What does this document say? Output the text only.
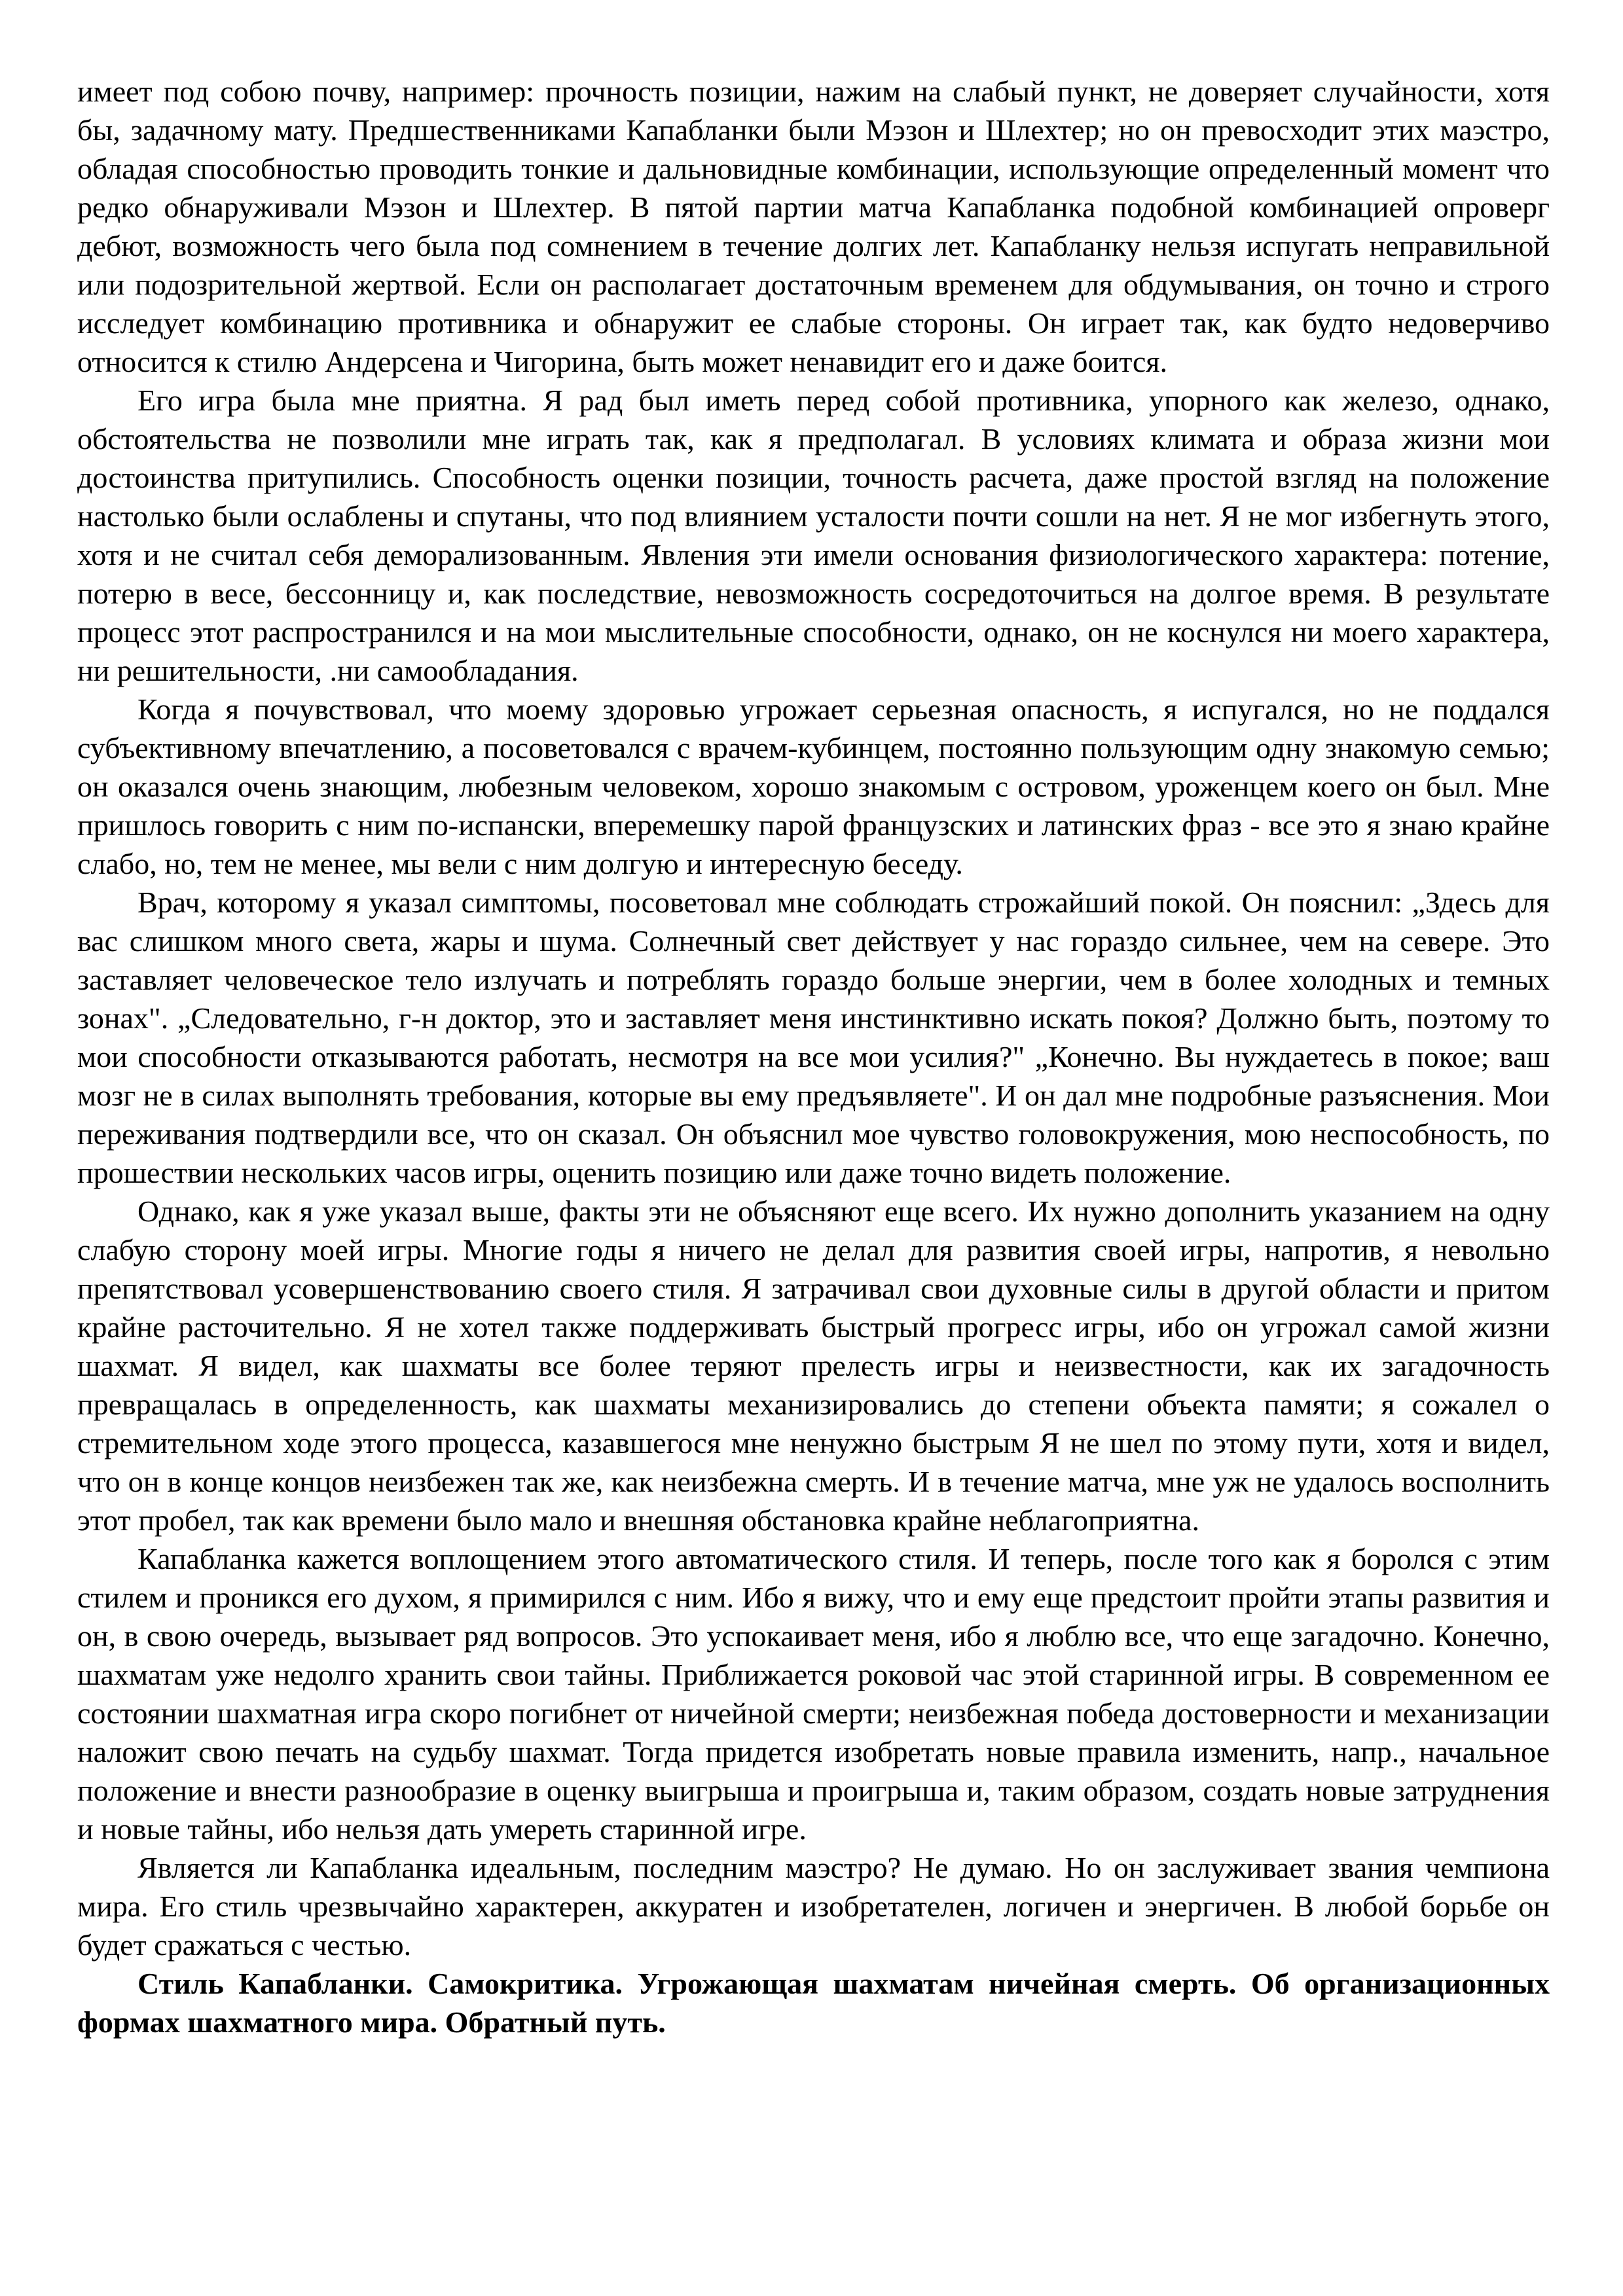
имеет под собою почву, например: прочность позиции, нажим на слабый пункт, не доверяет случайности, хотя бы, задачному мату. Предшественниками Капабланки были Мэзон и Шлехтер; но он превосходит этих маэстро, обладая способностью проводить тонкие и дальновидные комбинации, использующие определенный момент что редко обнаруживали Мэзон и Шлехтер. В пятой партии матча Капабланка подобной комбинацией опроверг дебют, возможность чего была под сомнением в течение долгих лет. Капабланку нельзя испугать неправильной или подозрительной жертвой. Если он располагает достаточным временем для обдумывания, он точно и строго исследует комбинацию противника и обнаружит ее слабые стороны. Он играет так, как будто недоверчиво относится к стилю Андерсена и Чигорина, быть может ненавидит его и даже боится.

Его игра была мне приятна. Я рад был иметь перед собой противника, упорного как железо, однако, обстоятельства не позволили мне играть так, как я предполагал. В условиях климата и образа жизни мои достоинства притупились. Способность оценки позиции, точность расчета, даже простой взгляд на положение настолько были ослаблены и спутаны, что под влиянием усталости почти сошли на нет. Я не мог избегнуть этого, хотя и не считал себя деморализованным. Явления эти имели основания физиологического характера: потение, потерю в весе, бессонницу и, как последствие, невозможность сосредоточиться на долгое время. В результате процесс этот распространился и на мои мыслительные способности, однако, он не коснулся ни моего характера, ни решительности, .ни самообладания.

Когда я почувствовал, что моему здоровью угрожает серьезная опасность, я испугался, но не поддался субъективному впечатлению, а посоветовался с врачем-кубинцем, постоянно пользующим одну знакомую семью; он оказался очень знающим, любезным человеком, хорошо знакомым с островом, уроженцем коего он был. Мне пришлось говорить с ним по-испански, вперемешку парой французских и латинских фраз - все это я знаю крайне слабо, но, тем не менее, мы вели с ним долгую и интересную беседу.

Врач, которому я указал симптомы, посоветовал мне соблюдать строжайший покой. Он пояснил: „Здесь для вас слишком много света, жары и шума. Солнечный свет действует у нас гораздо сильнее, чем на севере. Это заставляет человеческое тело излучать и потреблять гораздо больше энергии, чем в более холодных и темных зонах". „Следовательно, г-н доктор, это и заставляет меня инстинктивно искать покоя? Должно быть, поэтому то мои способности отказываются работать, несмотря на все мои усилия?" „Конечно. Вы нуждаетесь в покое; ваш мозг не в силах выполнять требования, которые вы ему предъявляете". И он дал мне подробные разъяснения. Мои переживания подтвердили все, что он сказал. Он объяснил мое чувство головокружения, мою неспособность, по прошествии нескольких часов игры, оценить позицию или даже точно видеть положение.

Однако, как я уже указал выше, факты эти не объясняют еще всего. Их нужно дополнить указанием на одну слабую сторону моей игры. Многие годы я ничего не делал для развития своей игры, напротив, я невольно препятствовал усовершенствованию своего стиля. Я затрачивал свои духовные силы в другой области и притом крайне расточительно. Я не хотел также поддерживать быстрый прогресс игры, ибо он угрожал самой жизни шахмат. Я видел, как шахматы все более теряют прелесть игры и неизвестности, как их загадочность превращалась в определенность, как шахматы механизировались до степени объекта памяти; я сожалел о стремительном ходе этого процесса, казавшегося мне ненужно быстрым Я не шел по этому пути, хотя и видел, что он в конце концов неизбежен так же, как неизбежна смерть. И в течение матча, мне уж не удалось восполнить этот пробел, так как времени было мало и внешняя обстановка крайне неблагоприятна.

Капабланка кажется воплощением этого автоматического стиля. И теперь, после того как я боролся с этим стилем и проникся его духом, я примирился с ним. Ибо я вижу, что и ему еще предстоит пройти этапы развития и он, в свою очередь, вызывает ряд вопросов. Это успокаивает меня, ибо я люблю все, что еще загадочно. Конечно, шахматам уже недолго хранить свои тайны. Приближается роковой час этой старинной игры. В современном ее состоянии шахматная игра скоро погибнет от ничейной смерти; неизбежная победа достоверности и механизации наложит свою печать на судьбу шахмат. Тогда придется изобретать новые правила изменить, напр., начальное положение и внести разнообразие в оценку выигрыша и проигрыша и, таким образом, создать новые затруднения и новые тайны, ибо нельзя дать умереть старинной игре.

Является ли Капабланка идеальным, последним маэстро? Не думаю. Но он заслуживает звания чемпиона мира. Его стиль чрезвычайно характерен, аккуратен и изобретателен, логичен и энергичен. В любой борьбе он будет сражаться с честью.

Стиль Капабланки. Самокритика. Угрожающая шахматам ничейная смерть. Об организационных формах шахматного мира. Обратный путь.
